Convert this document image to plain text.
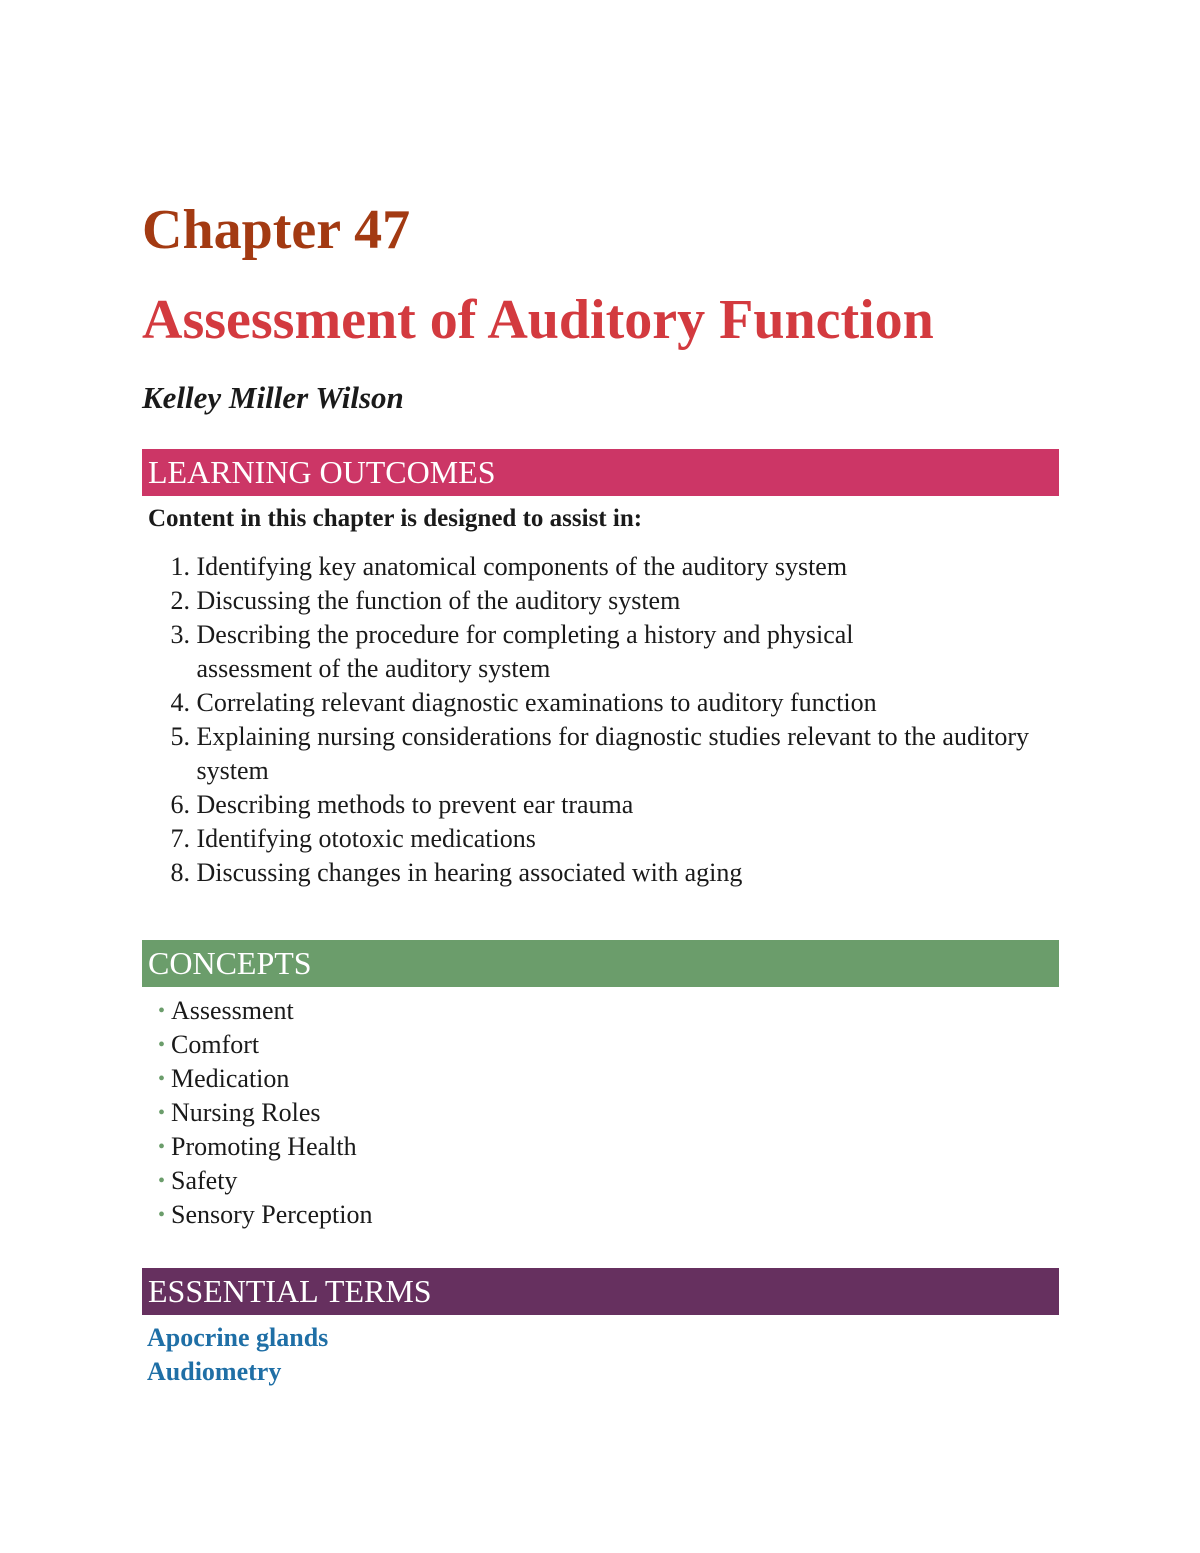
Chapter 47
Assessment of Auditory Function

Kelley Miller Wilson

LEARNING OUTCOMES

Content in this chapter is designed to assist in:

1.
Identifying key anatomical components of the auditory system
2.
Discussing the function of the auditory system
3.
Describing the procedure for completing a history and physical assessment of the auditory system
4.
Correlating relevant diagnostic examinations to auditory function
5.
Explaining nursing considerations for diagnostic studies relevant to the auditory system
6.
Describing methods to prevent ear trauma
7.
Identifying ototoxic medications
8.
Discussing changes in hearing associated with aging
CONCEPTS
• Assessment
• Comfort
• Medication
• Nursing Roles
• Promoting Health
• Safety
• Sensory Perception
ESSENTIAL TERMS
Apocrine glands
Audiometry
